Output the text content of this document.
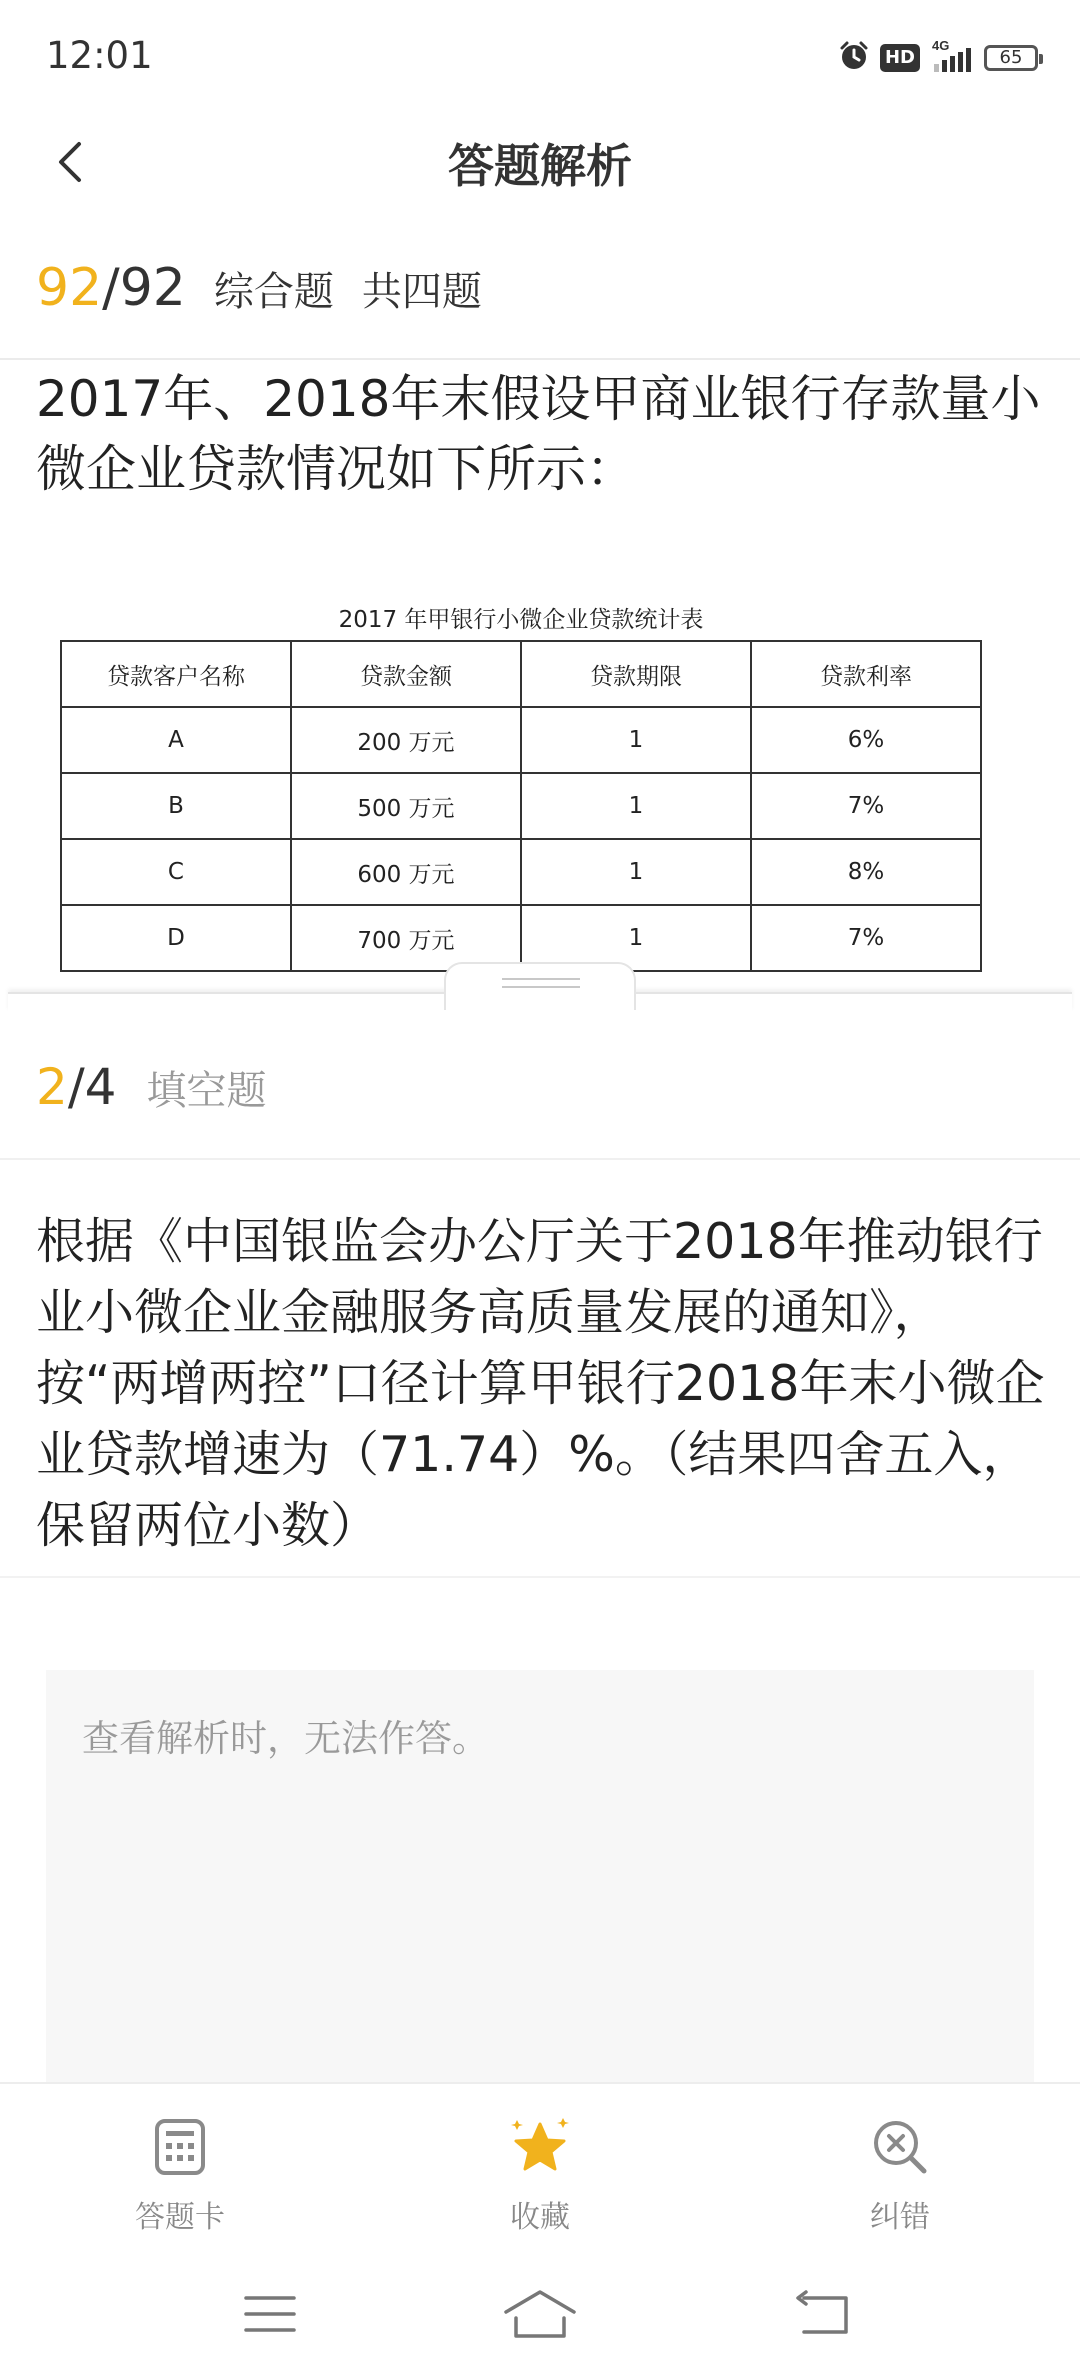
12:01	HD
4G
65
答题解析
92 /92 综合题 共四题
2017年、2018年末假设甲商业银行存款量小微企业贷款情况如下所示：
2017 年甲银行小微企业贷款统计表
贷款客户名称	贷款金额	贷款期限	贷款利率
A	200 万元	1	6%
B	500 万元	1	7%
C	600 万元	1	8%
D	700 万元	1	7%
2 /4 填空题
根据《中国银监会办公厅关于2018年推动银行业小微企业金融服务高质量发展的通知》，按“两增两控”口径计算甲银行2018年末小微企业贷款增速为（71.74）%。（结果四舍五入，保留两位小数）
查看解析时，无法作答。
答题卡	收藏	纠错
